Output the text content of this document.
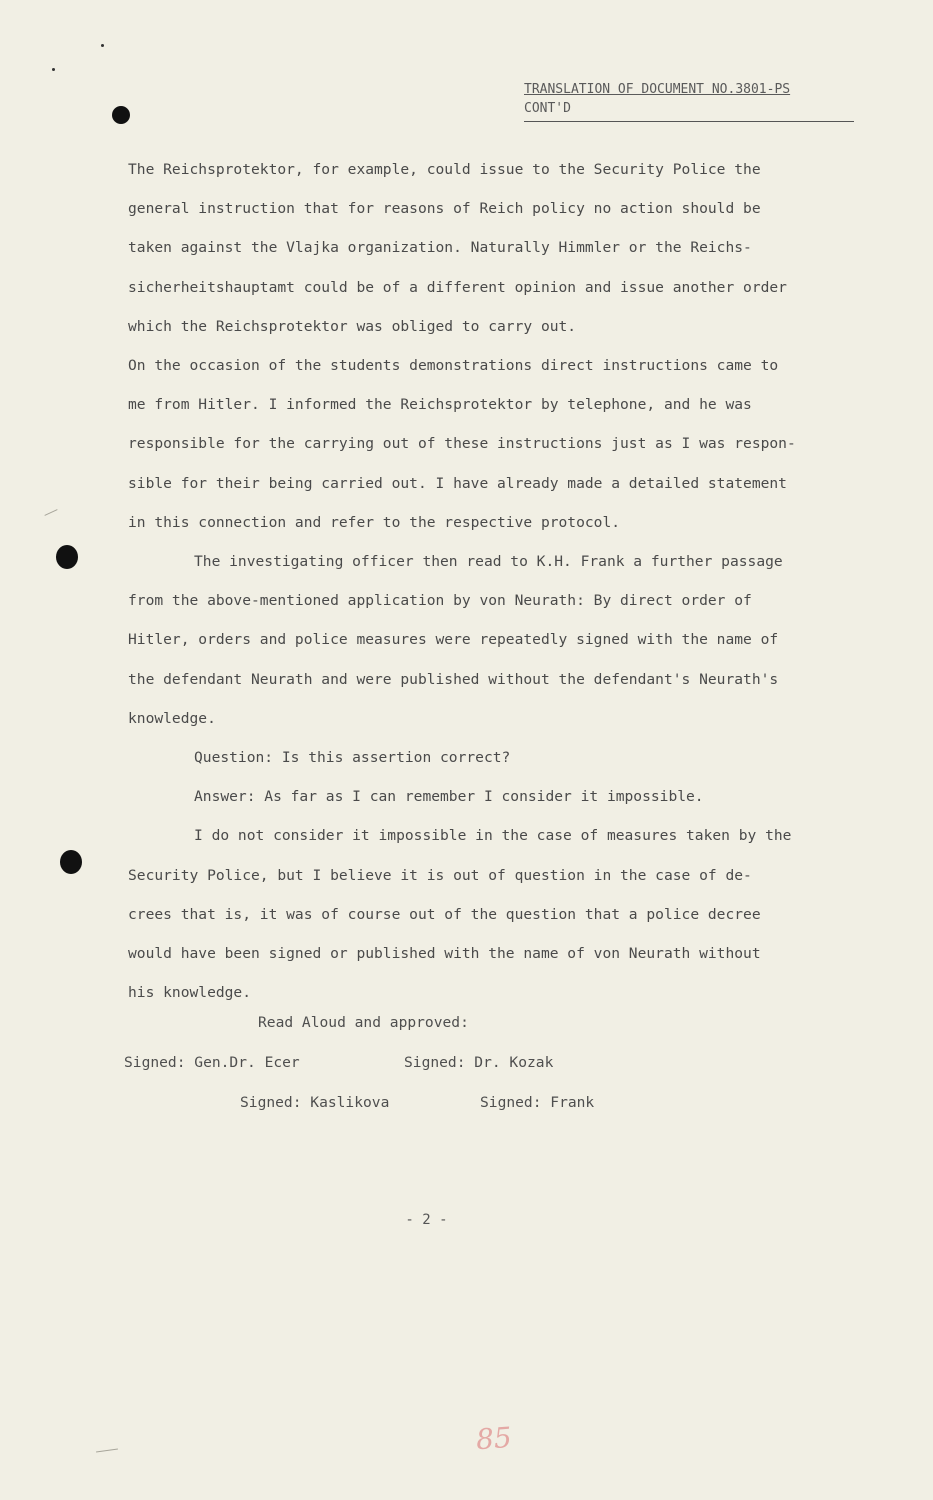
TRANSLATION OF DOCUMENT NO.3801-PS
CONT'D
The Reichsprotektor, for example, could issue to the Security Police the
general instruction that for reasons of Reich policy no action should be
taken against the Vlajka organization. Naturally Himmler or the Reichs-
sicherheitshauptamt could be of a different opinion and issue another order
which the Reichsprotektor was obliged to carry out.
On the occasion of the students demonstrations direct instructions came to
me from Hitler. I informed the Reichsprotektor by telephone, and he was
responsible for the carrying out of these instructions just as I was respon-
sible for their being carried out. I have already made a detailed statement
in this connection and refer to the respective protocol.
The investigating officer then read to K.H. Frank a further passage
from the above-mentioned application by von Neurath: By direct order of
Hitler, orders and police measures were repeatedly signed with the name of
the defendant Neurath and were published without the defendant's Neurath's
knowledge.
Question: Is this assertion correct?
Answer: As far as I can remember I consider it impossible.
I do not consider it impossible in the case of measures taken by the
Security Police, but I believe it is out of question in the case of de-
crees that is, it was of course out of the question that a police decree
would have been signed or published with the name of von Neurath without
his knowledge.
Read Aloud and approved:
Signed: Gen.Dr. Ecer	Signed: Dr. Kozak
Signed: Kaslikova	Signed: Frank
- 2 -
85
